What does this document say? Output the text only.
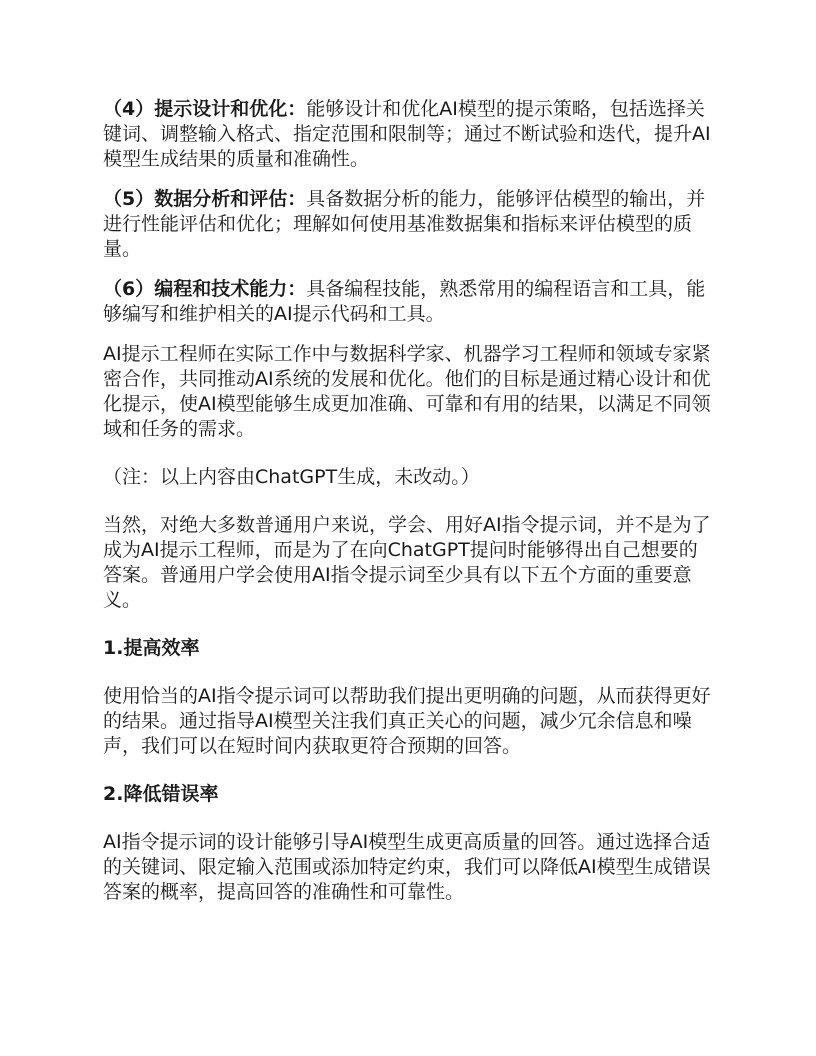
（4）提示设计和优化：能够设计和优化AI模型的提示策略，包括选择关键词、调整输入格式、指定范围和限制等；通过不断试验和迭代，提升AI模型生成结果的质量和准确性。

（5）数据分析和评估：具备数据分析的能力，能够评估模型的输出，并进行性能评估和优化；理解如何使用基准数据集和指标来评估模型的质量。

（6）编程和技术能力：具备编程技能，熟悉常用的编程语言和工具，能够编写和维护相关的AI提示代码和工具。

AI提示工程师在实际工作中与数据科学家、机器学习工程师和领域专家紧密合作，共同推动AI系统的发展和优化。他们的目标是通过精心设计和优化提示，使AI模型能够生成更加准确、可靠和有用的结果，以满足不同领域和任务的需求。

（注：以上内容由ChatGPT生成，未改动。）

当然，对绝大多数普通用户来说，学会、用好AI指令提示词，并不是为了成为AI提示工程师，而是为了在向ChatGPT提问时能够得出自己想要的答案。普通用户学会使用AI指令提示词至少具有以下五个方面的重要意义。

1.提高效率

使用恰当的AI指令提示词可以帮助我们提出更明确的问题，从而获得更好的结果。通过指导AI模型关注我们真正关心的问题，减少冗余信息和噪声，我们可以在短时间内获取更符合预期的回答。

2.降低错误率

AI指令提示词的设计能够引导AI模型生成更高质量的回答。通过选择合适的关键词、限定输入范围或添加特定约束，我们可以降低AI模型生成错误答案的概率，提高回答的准确性和可靠性。
